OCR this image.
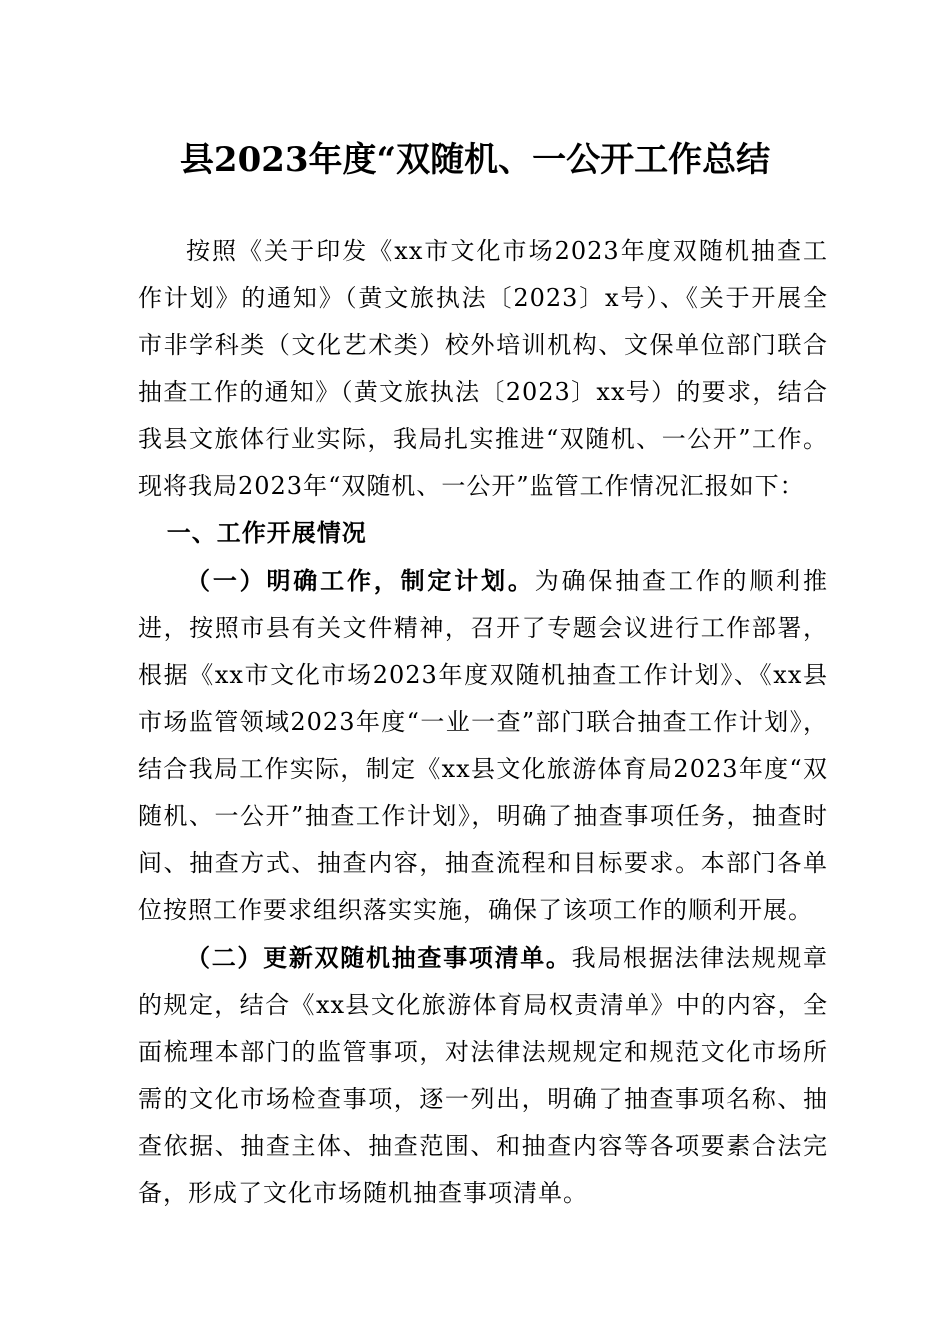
县2023年度“双随机、一公开工作总结

按照《关于印发《xx市文化市场2023年度双随机抽查工作计划》的通知》（黄文旅执法〔2023〕x号）、《关于开展全市非学科类（文化艺术类）校外培训机构、文保单位部门联合抽查工作的通知》（黄文旅执法〔2023〕xx号）的要求，结合我县文旅体行业实际，我局扎实推进“双随机、一公开”工作。现将我局2023年“双随机、一公开”监管工作情况汇报如下：

一、工作开展情况

（一）明确工作，制定计划。为确保抽查工作的顺利推进，按照市县有关文件精神，召开了专题会议进行工作部署，根据《xx市文化市场2023年度双随机抽查工作计划》、《xx县市场监管领域2023年度“一业一查”部门联合抽查工作计划》，结合我局工作实际，制定《xx县文化旅游体育局2023年度“双随机、一公开”抽查工作计划》，明确了抽查事项任务，抽查时间、抽查方式、抽查内容，抽查流程和目标要求。本部门各单位按照工作要求组织落实实施，确保了该项工作的顺利开展。

（二）更新双随机抽查事项清单。我局根据法律法规规章的规定，结合《xx县文化旅游体育局权责清单》中的内容，全面梳理本部门的监管事项，对法律法规规定和规范文化市场所需的文化市场检查事项，逐一列出，明确了抽查事项名称、抽查依据、抽查主体、抽查范围、和抽查内容等各项要素合法完备，形成了文化市场随机抽查事项清单。
